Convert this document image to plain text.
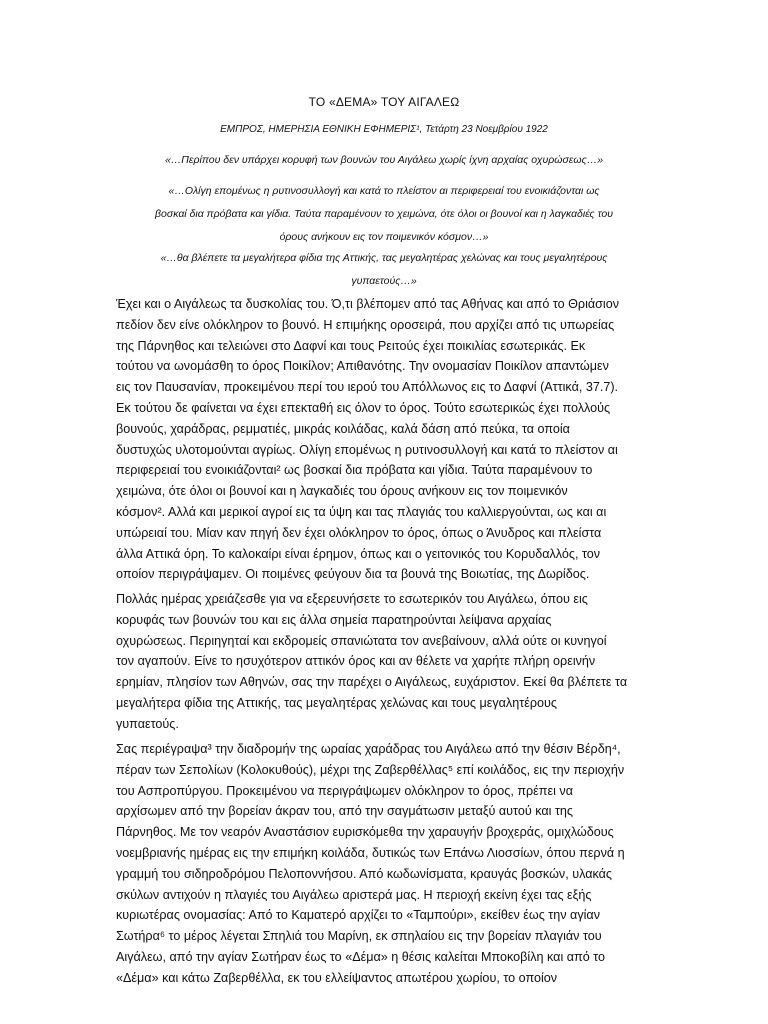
ΤΟ «ΔΕΜΑ» ΤΟΥ ΑΙΓΑΛΕΩ
ΕΜΠΡΟΣ, ΗΜΕΡΗΣΙΑ ΕΘΝΙΚΗ ΕΦΗΜΕΡΙΣ¹, Τετάρτη 23 Νοεμβρίου 1922
«…Περίπου δεν υπάρχει κορυφή των βουνών του Αιγάλεω χωρίς ίχνη αρχαίας οχυρώσεως…»
«…Ολίγη επομένως η ρυτινοσυλλογή και κατά το πλείστον αι περιφερειαί του ενοικιάζονται ως
βοσκαί δια πρόβατα και γίδια. Ταύτα παραμένουν το χειμώνα, ότε όλοι οι βουνοί και η λαγκαδιές του
όρους ανήκουν εις τον ποιμενικόν κόσμον…»
«…θα βλέπετε τα μεγαλήτερα φίδια της Αττικής, τας μεγαλητέρας χελώνας και τους μεγαλητέρους
γυπαετούς…»
Έχει και ο Αιγάλεως τα δυσκολίας του. Ό,τι βλέπομεν από τας Αθήνας και από το Θριάσιον
πεδίον δεν είνε ολόκληρον το βουνό. Η επιμήκης οροσειρά, που αρχίζει από τις υπωρείας
της Πάρνηθος και τελειώνει στο Δαφνί και τους Ρειτούς έχει ποικιλίας εσωτερικάς. Εκ
τούτου να ωνομάσθη το όρος Ποικίλον; Απιθανότης. Την ονομασίαν Ποικίλον απαντώμεν
εις τον Παυσανίαν, προκειμένου περί του ιερού του Απόλλωνος εις το Δαφνί (Αττικά, 37.7).
Εκ τούτου δε φαίνεται να έχει επεκταθή εις όλον το όρος. Τούτο εσωτερικώς έχει πολλούς
βουνούς, χαράδρας, ρεμματιές, μικράς κοιλάδας, καλά δάση από πεύκα, τα οποία
δυστυχώς υλοτομούνται αγρίως. Ολίγη επομένως η ρυτινοσυλλογή και κατά το πλείστον αι
περιφερειαί του ενοικιάζονται² ως βοσκαί δια πρόβατα και γίδια. Ταύτα παραμένουν το
χειμώνα, ότε όλοι οι βουνοί και η λαγκαδιές του όρους ανήκουν εις τον ποιμενικόν
κόσμον². Αλλά και μερικοί αγροί εις τα ύψη και τας πλαγιάς του καλλιεργούνται, ως και αι
υπώρειαί του. Μίαν καν πηγή δεν έχει ολόκληρον το όρος, όπως ο Άνυδρος και πλείστα
άλλα Αττικά όρη. Το καλοκαίρι είναι έρημον, όπως και ο γειτονικός του Κορυδαλλός, τον
οποίον περιγράψαμεν. Οι ποιμένες φεύγουν δια τα βουνά της Βοιωτίας, της Δωρίδος.
Πολλάς ημέρας χρειάζεσθε για να εξερευνήσετε το εσωτερικόν του Αιγάλεω, όπου εις
κορυφάς των βουνών του και εις άλλα σημεία παρατηρούνται λείψανα αρχαίας
οχυρώσεως. Περιηγηταί και εκδρομείς σπανιώτατα τον ανεβαίνουν, αλλά ούτε οι κυνηγοί
τον αγαπούν. Είνε το ησυχότερον αττικόν όρος και αν θέλετε να χαρήτε πλήρη ορεινήν
ερημίαν, πλησίον των Αθηνών, σας την παρέχει ο Αιγάλεως, ευχάριστον. Εκεί θα βλέπετε τα
μεγαλήτερα φίδια της Αττικής, τας μεγαλητέρας χελώνας και τους μεγαλητέρους
γυπαετούς.
Σας περιέγραψα³ την διαδρομήν της ωραίας χαράδρας του Αιγάλεω από την θέσιν Βέρδη⁴,
πέραν των Σεπολίων (Κολοκυθούς), μέχρι της Ζαβερθέλλας⁵ επί κοιλάδος, εις την περιοχήν
του Ασπροπύργου. Προκειμένου να περιγράψωμεν ολόκληρον το όρος, πρέπει να
αρχίσωμεν από την βορείαν άκραν του, από την σαγμάτωσιν μεταξύ αυτού και της
Πάρνηθος. Με τον νεαρόν Αναστάσιον ευρισκόμεθα την χαραυγήν βροχεράς, ομιχλώδους
νοεμβριανής ημέρας εις την επιμήκη κοιλάδα, δυτικώς των Επάνω Λιοσσίων, όπου περνά η
γραμμή του σιδηροδρόμου Πελοποννήσου. Από κωδωνίσματα, κραυγάς βοσκών, υλακάς
σκύλων αντιχούν η πλαγιές του Αιγάλεω αριστερά μας. Η περιοχή εκείνη έχει τας εξής
κυριωτέρας ονομασίας: Από το Καματερό αρχίζει το «Ταμπούρι», εκείθεν έως την αγίαν
Σωτήρα⁶ το μέρος λέγεται Σπηλιά του Μαρίνη, εκ σπηλαίου εις την βορείαν πλαγιάν του
Αιγάλεω, από την αγίαν Σωτήραν έως το «Δέμα» η θέσις καλείται Μποκοβίλη και από το
«Δέμα» και κάτω Ζαβερθέλλα, εκ του ελλείψαντος απωτέρου χωρίου, το οποίον
